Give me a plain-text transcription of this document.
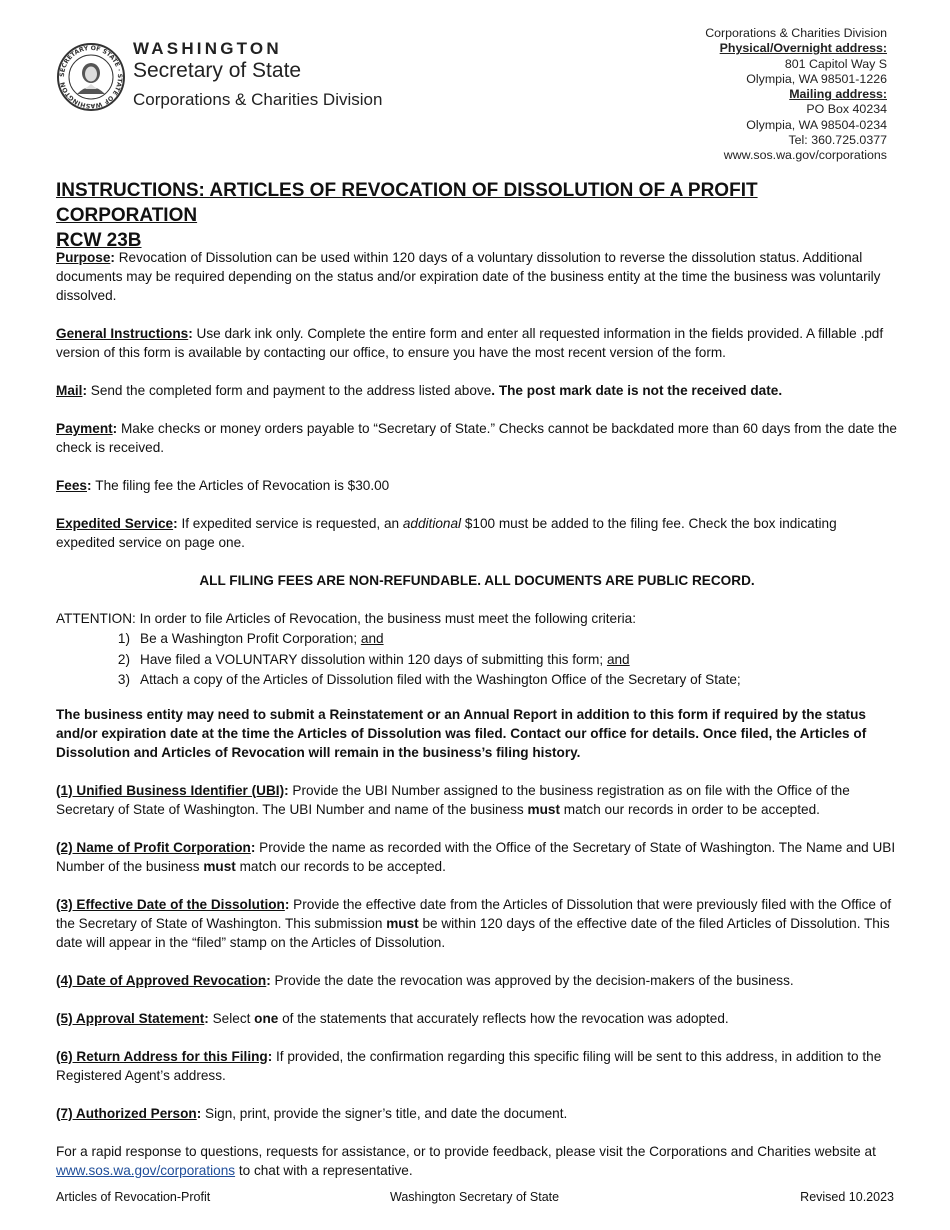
SECRETARY OF STATE · STATE OF WASHINGTON
WASHINGTON
Secretary of State
Corporations & Charities Division
Corporations & Charities Division
Physical/Overnight address:
801 Capitol Way S
Olympia, WA 98501-1226
Mailing address:
PO Box 40234
Olympia, WA 98504-0234
Tel: 360.725.0377
www.sos.wa.gov/corporations
INSTRUCTIONS: ARTICLES OF REVOCATION OF DISSOLUTION OF A PROFIT CORPORATION
RCW 23B

Purpose: Revocation of Dissolution can be used within 120 days of a voluntary dissolution to reverse the dissolution status. Additional documents may be required depending on the status and/or expiration date of the business entity at the time the business was voluntarily dissolved.

General Instructions: Use dark ink only. Complete the entire form and enter all requested information in the fields provided. A fillable .pdf version of this form is available by contacting our office, to ensure you have the most recent version of the form.

Mail: Send the completed form and payment to the address listed above. The post mark date is not the received date.

Payment: Make checks or money orders payable to “Secretary of State.” Checks cannot be backdated more than 60 days from the date the check is received.

Fees: The filing fee the Articles of Revocation is $30.00

Expedited Service: If expedited service is requested, an additional $100 must be added to the filing fee. Check the box indicating expedited service on page one.

ALL FILING FEES ARE NON-REFUNDABLE. ALL DOCUMENTS ARE PUBLIC RECORD.

ATTENTION: In order to file Articles of Revocation, the business must meet the following criteria:

1) Be a Washington Profit Corporation; and
2) Have filed a VOLUNTARY dissolution within 120 days of submitting this form; and
3) Attach a copy of the Articles of Dissolution filed with the Washington Office of the Secretary of State;

The business entity may need to submit a Reinstatement or an Annual Report in addition to this form if required by the status and/or expiration date at the time the Articles of Dissolution was filed. Contact our office for details. Once filed, the Articles of Dissolution and Articles of Revocation will remain in the business’s filing history.

(1) Unified Business Identifier (UBI): Provide the UBI Number assigned to the business registration as on file with the Office of the Secretary of State of Washington. The UBI Number and name of the business must match our records in order to be accepted.

(2) Name of Profit Corporation: Provide the name as recorded with the Office of the Secretary of State of Washington. The Name and UBI Number of the business must match our records to be accepted.

(3) Effective Date of the Dissolution: Provide the effective date from the Articles of Dissolution that were previously filed with the Office of the Secretary of State of Washington. This submission must be within 120 days of the effective date of the filed Articles of Dissolution. This date will appear in the “filed” stamp on the Articles of Dissolution.

(4) Date of Approved Revocation: Provide the date the revocation was approved by the decision-makers of the business.

(5) Approval Statement: Select one of the statements that accurately reflects how the revocation was adopted.

(6) Return Address for this Filing: If provided, the confirmation regarding this specific filing will be sent to this address, in addition to the Registered Agent’s address.

(7) Authorized Person: Sign, print, provide the signer’s title, and date the document.

For a rapid response to questions, requests for assistance, or to provide feedback, please visit the Corporations and Charities website at www.sos.wa.gov/corporations to chat with a representative.

Articles of Revocation-Profit	Washington Secretary of State	Revised 10.2023
